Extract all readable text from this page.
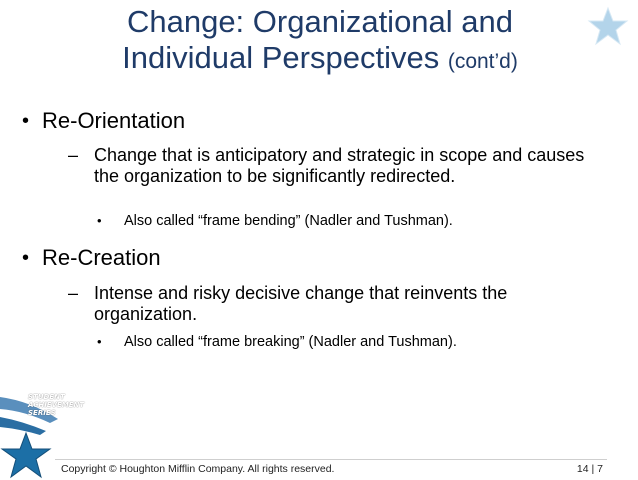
Change: Organizational and
Individual Perspectives (cont’d)
• Re-Orientation
– Change that is anticipatory and strategic in scope and causes the organization to be significantly redirected.
• Also called “frame bending” (Nadler and Tushman).
• Re-Creation
– Intense and risky decisive change that reinvents the organization.
• Also called “frame breaking” (Nadler and Tushman).
STUDENT
ACHIEVEMENT
SERIES
Copyright © Houghton Mifflin Company. All rights reserved.	14 | 7
